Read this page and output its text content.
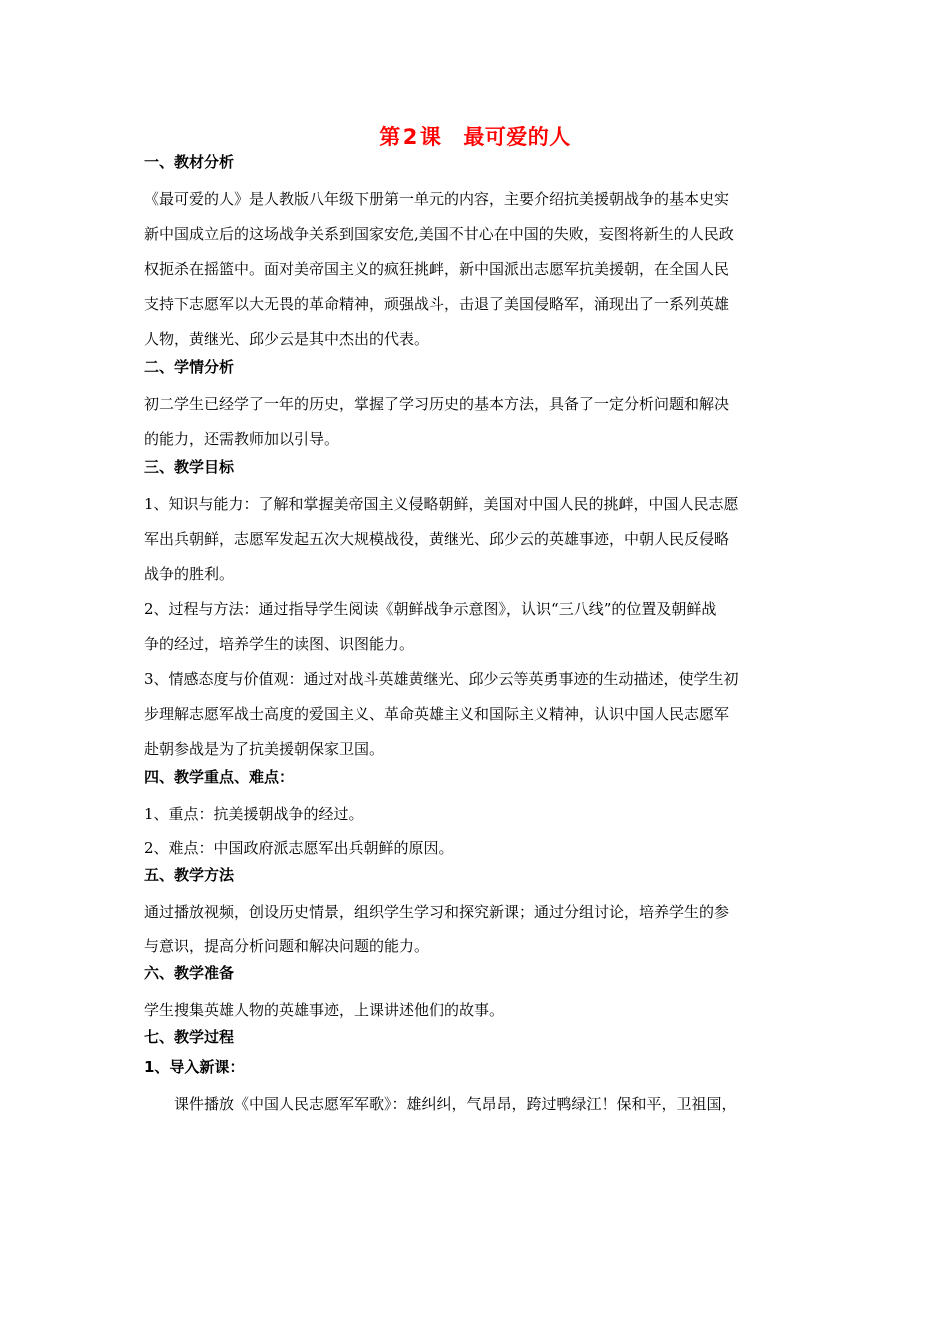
第2课 最可爱的人
一、教材分析
《最可爱的人》是人教版八年级下册第一单元的内容，主要介绍抗美援朝战争的基本史实
新中国成立后的这场战争关系到国家安危,美国不甘心在中国的失败，妄图将新生的人民政
权扼杀在摇篮中。面对美帝国主义的疯狂挑衅，新中国派出志愿军抗美援朝，在全国人民
支持下志愿军以大无畏的革命精神，顽强战斗，击退了美国侵略军，涌现出了一系列英雄
人物，黄继光、邱少云是其中杰出的代表。
二、学情分析
初二学生已经学了一年的历史，掌握了学习历史的基本方法，具备了一定分析问题和解决
的能力，还需教师加以引导。
三、教学目标
1、知识与能力：了解和掌握美帝国主义侵略朝鲜，美国对中国人民的挑衅，中国人民志愿
军出兵朝鲜，志愿军发起五次大规模战役，黄继光、邱少云的英雄事迹，中朝人民反侵略
战争的胜利。
2、过程与方法：通过指导学生阅读《朝鲜战争示意图》，认识“三八线”的位置及朝鲜战
争的经过，培养学生的读图、识图能力。
3、情感态度与价值观：通过对战斗英雄黄继光、邱少云等英勇事迹的生动描述，使学生初
步理解志愿军战士高度的爱国主义、革命英雄主义和国际主义精神，认识中国人民志愿军
赴朝参战是为了抗美援朝保家卫国。
四、教学重点、难点：
1、重点：抗美援朝战争的经过。
2、难点：中国政府派志愿军出兵朝鲜的原因。
五、教学方法
通过播放视频，创设历史情景，组织学生学习和探究新课；通过分组讨论，培养学生的参
与意识，提高分析问题和解决问题的能力。
六、教学准备
学生搜集英雄人物的英雄事迹，上课讲述他们的故事。
七、教学过程
1、导入新课：
课件播放《中国人民志愿军军歌》：雄纠纠，气昂昂，跨过鸭绿江！保和平，卫祖国，
